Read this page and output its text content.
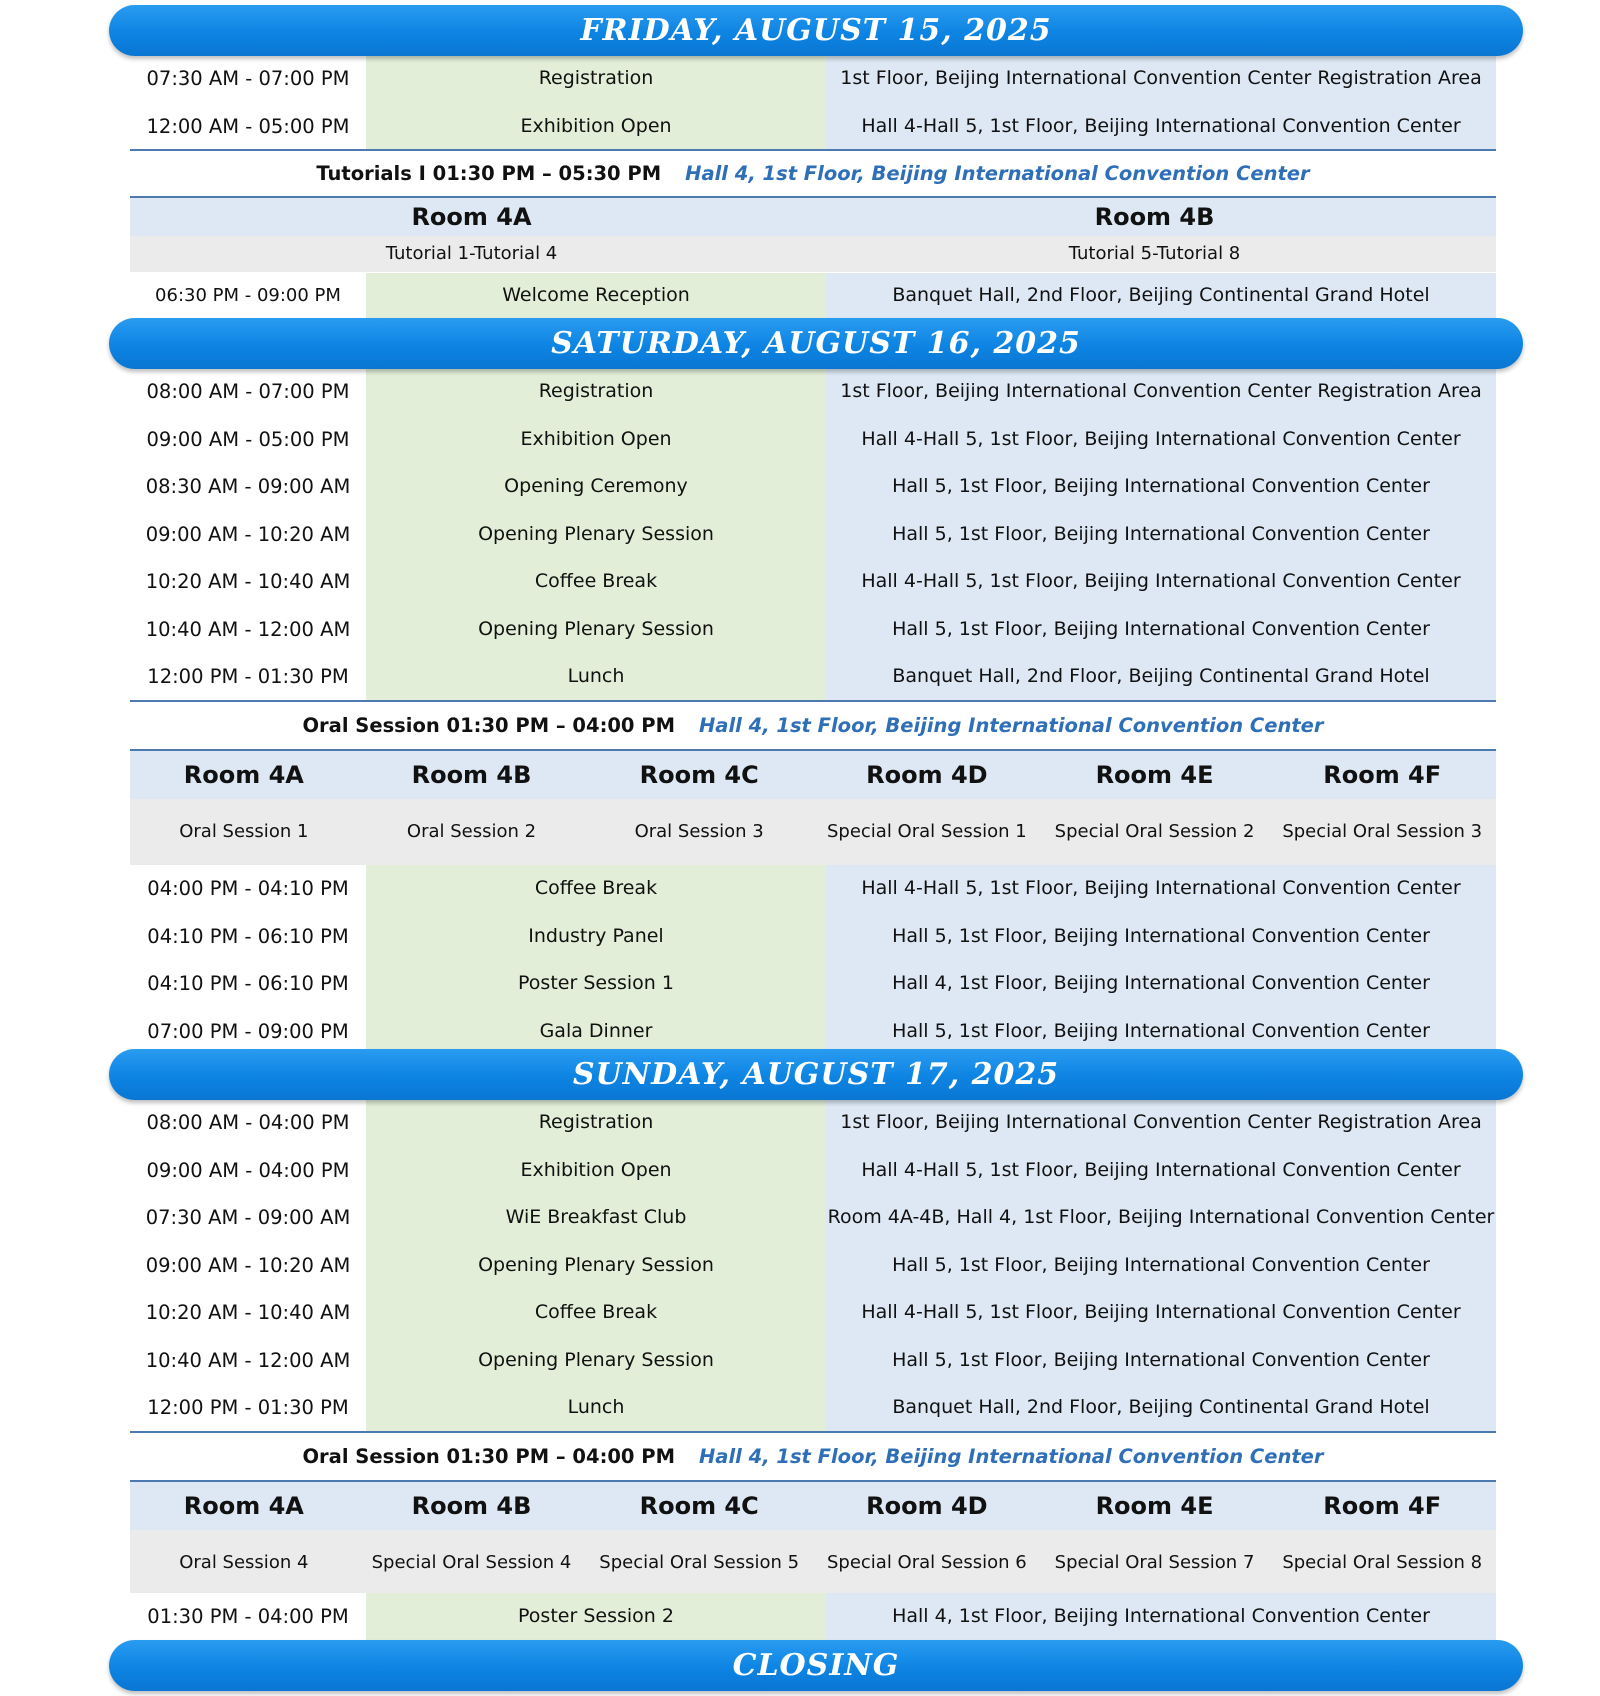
FRIDAY, AUGUST 15, 2025
07:30 AM - 07:00 PM	Registration	1st Floor, Beijing International Convention Center Registration Area
12:00 AM - 05:00 PM	Exhibition Open	Hall 4-Hall 5, 1st Floor, Beijing International Convention Center
Tutorials I 01:30 PM – 05:30 PM Hall 4, 1st Floor, Beijing International Convention Center
Room 4A	Room 4B
Tutorial 1-Tutorial 4	Tutorial 5-Tutorial 8
06:30 PM - 09:00 PM	Welcome Reception	Banquet Hall, 2nd Floor, Beijing Continental Grand Hotel
SATURDAY, AUGUST 16, 2025
08:00 AM - 07:00 PM	Registration	1st Floor, Beijing International Convention Center Registration Area
09:00 AM - 05:00 PM	Exhibition Open	Hall 4-Hall 5, 1st Floor, Beijing International Convention Center
08:30 AM - 09:00 AM	Opening Ceremony	Hall 5, 1st Floor, Beijing International Convention Center
09:00 AM - 10:20 AM	Opening Plenary Session	Hall 5, 1st Floor, Beijing International Convention Center
10:20 AM - 10:40 AM	Coffee Break	Hall 4-Hall 5, 1st Floor, Beijing International Convention Center
10:40 AM - 12:00 AM	Opening Plenary Session	Hall 5, 1st Floor, Beijing International Convention Center
12:00 PM - 01:30 PM	Lunch	Banquet Hall, 2nd Floor, Beijing Continental Grand Hotel
Oral Session 01:30 PM – 04:00 PM Hall 4, 1st Floor, Beijing International Convention Center
Room 4A	Room 4B	Room 4C	Room 4D	Room 4E	Room 4F
Oral Session 1	Oral Session 2	Oral Session 3	Special Oral Session 1	Special Oral Session 2	Special Oral Session 3
04:00 PM - 04:10 PM	Coffee Break	Hall 4-Hall 5, 1st Floor, Beijing International Convention Center
04:10 PM - 06:10 PM	Industry Panel	Hall 5, 1st Floor, Beijing International Convention Center
04:10 PM - 06:10 PM	Poster Session 1	Hall 4, 1st Floor, Beijing International Convention Center
07:00 PM - 09:00 PM	Gala Dinner	Hall 5, 1st Floor, Beijing International Convention Center
SUNDAY, AUGUST 17, 2025
08:00 AM - 04:00 PM	Registration	1st Floor, Beijing International Convention Center Registration Area
09:00 AM - 04:00 PM	Exhibition Open	Hall 4-Hall 5, 1st Floor, Beijing International Convention Center
07:30 AM - 09:00 AM	WiE Breakfast Club	Room 4A-4B, Hall 4, 1st Floor, Beijing International Convention Center
09:00 AM - 10:20 AM	Opening Plenary Session	Hall 5, 1st Floor, Beijing International Convention Center
10:20 AM - 10:40 AM	Coffee Break	Hall 4-Hall 5, 1st Floor, Beijing International Convention Center
10:40 AM - 12:00 AM	Opening Plenary Session	Hall 5, 1st Floor, Beijing International Convention Center
12:00 PM - 01:30 PM	Lunch	Banquet Hall, 2nd Floor, Beijing Continental Grand Hotel
Oral Session 01:30 PM – 04:00 PM Hall 4, 1st Floor, Beijing International Convention Center
Room 4A	Room 4B	Room 4C	Room 4D	Room 4E	Room 4F
Oral Session 4	Special Oral Session 4	Special Oral Session 5	Special Oral Session 6	Special Oral Session 7	Special Oral Session 8
01:30 PM - 04:00 PM	Poster Session 2	Hall 4, 1st Floor, Beijing International Convention Center
CLOSING
